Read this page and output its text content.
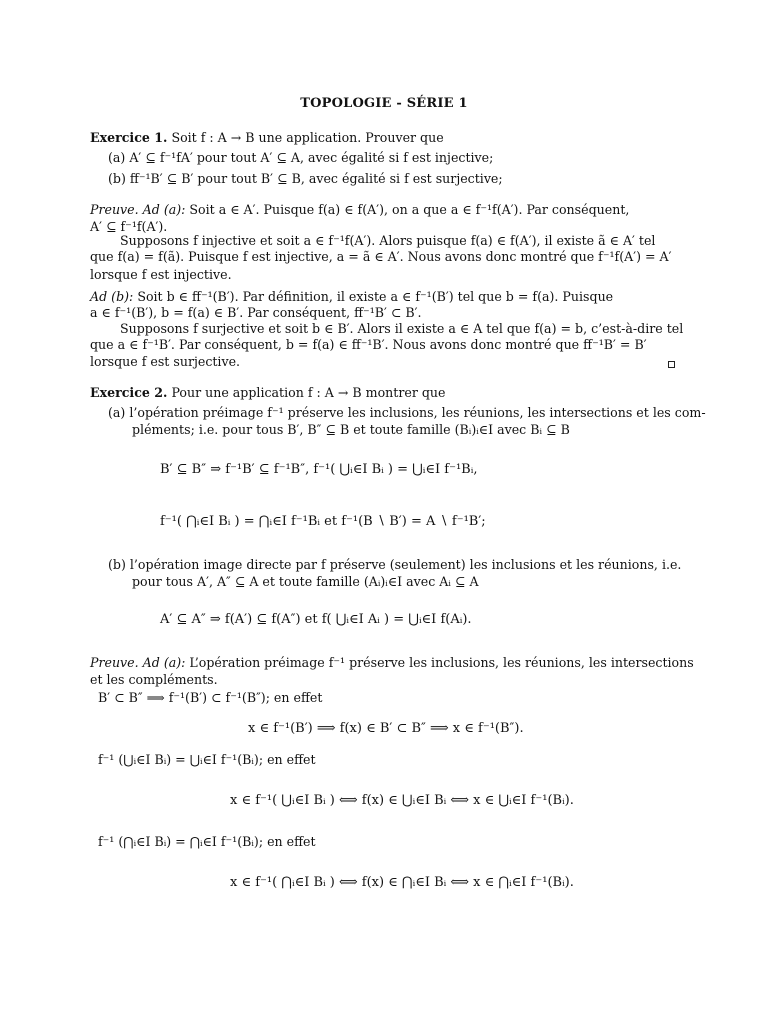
TOPOLOGIE - SÉRIE 1
Exercice 1. Soit f : A → B une application. Prouver que
(a) A′ ⊆ f⁻¹fA′ pour tout A′ ⊆ A, avec égalité si f est injective;
(b) ff⁻¹B′ ⊆ B′ pour tout B′ ⊆ B, avec égalité si f est surjective;
Preuve. Ad (a): Soit a ∈ A′. Puisque f(a) ∈ f(A′), on a que a ∈ f⁻¹f(A′). Par conséquent,
A′ ⊆ f⁻¹f(A′).
Supposons f injective et soit a ∈ f⁻¹f(A′). Alors puisque f(a) ∈ f(A′), il existe ã ∈ A′ tel
que f(a) = f(ã). Puisque f est injective, a = ã ∈ A′. Nous avons donc montré que f⁻¹f(A′) = A′
lorsque f est injective.
Ad (b): Soit b ∈ ff⁻¹(B′). Par définition, il existe a ∈ f⁻¹(B′) tel que b = f(a). Puisque
a ∈ f⁻¹(B′), b = f(a) ∈ B′. Par conséquent, ff⁻¹B′ ⊂ B′.
Supposons f surjective et soit b ∈ B′. Alors il existe a ∈ A tel que f(a) = b, c’est-à-dire tel
que a ∈ f⁻¹B′. Par conséquent, b = f(a) ∈ ff⁻¹B′. Nous avons donc montré que ff⁻¹B′ = B′
lorsque f est surjective.
Exercice 2. Pour une application f : A → B montrer que
(a) l’opération préimage f⁻¹ préserve les inclusions, les réunions, les intersections et les com-
pléments; i.e. pour tous B′, B″ ⊆ B et toute famille (Bᵢ)ᵢ∈I avec Bᵢ ⊆ B
B′ ⊆ B″ ⇒ f⁻¹B′ ⊆ f⁻¹B″, f⁻¹( ⋃ᵢ∈I Bᵢ ) = ⋃ᵢ∈I f⁻¹Bᵢ,
f⁻¹( ⋂ᵢ∈I Bᵢ ) = ⋂ᵢ∈I f⁻¹Bᵢ et f⁻¹(B ∖ B′) = A ∖ f⁻¹B′;
(b) l’opération image directe par f préserve (seulement) les inclusions et les réunions, i.e.
pour tous A′, A″ ⊆ A et toute famille (Aᵢ)ᵢ∈I avec Aᵢ ⊆ A
A′ ⊆ A″ ⇒ f(A′) ⊆ f(A″) et f( ⋃ᵢ∈I Aᵢ ) = ⋃ᵢ∈I f(Aᵢ).
Preuve. Ad (a): L’opération préimage f⁻¹ préserve les inclusions, les réunions, les intersections
et les compléments.
B′ ⊂ B″ ⟹ f⁻¹(B′) ⊂ f⁻¹(B″); en effet
x ∈ f⁻¹(B′) ⟹ f(x) ∈ B′ ⊂ B″ ⟹ x ∈ f⁻¹(B″).
f⁻¹ (⋃ᵢ∈I Bᵢ) = ⋃ᵢ∈I f⁻¹(Bᵢ); en effet
x ∈ f⁻¹( ⋃ᵢ∈I Bᵢ ) ⟺ f(x) ∈ ⋃ᵢ∈I Bᵢ ⟺ x ∈ ⋃ᵢ∈I f⁻¹(Bᵢ).
f⁻¹ (⋂ᵢ∈I Bᵢ) = ⋂ᵢ∈I f⁻¹(Bᵢ); en effet
x ∈ f⁻¹( ⋂ᵢ∈I Bᵢ ) ⟺ f(x) ∈ ⋂ᵢ∈I Bᵢ ⟺ x ∈ ⋂ᵢ∈I f⁻¹(Bᵢ).
